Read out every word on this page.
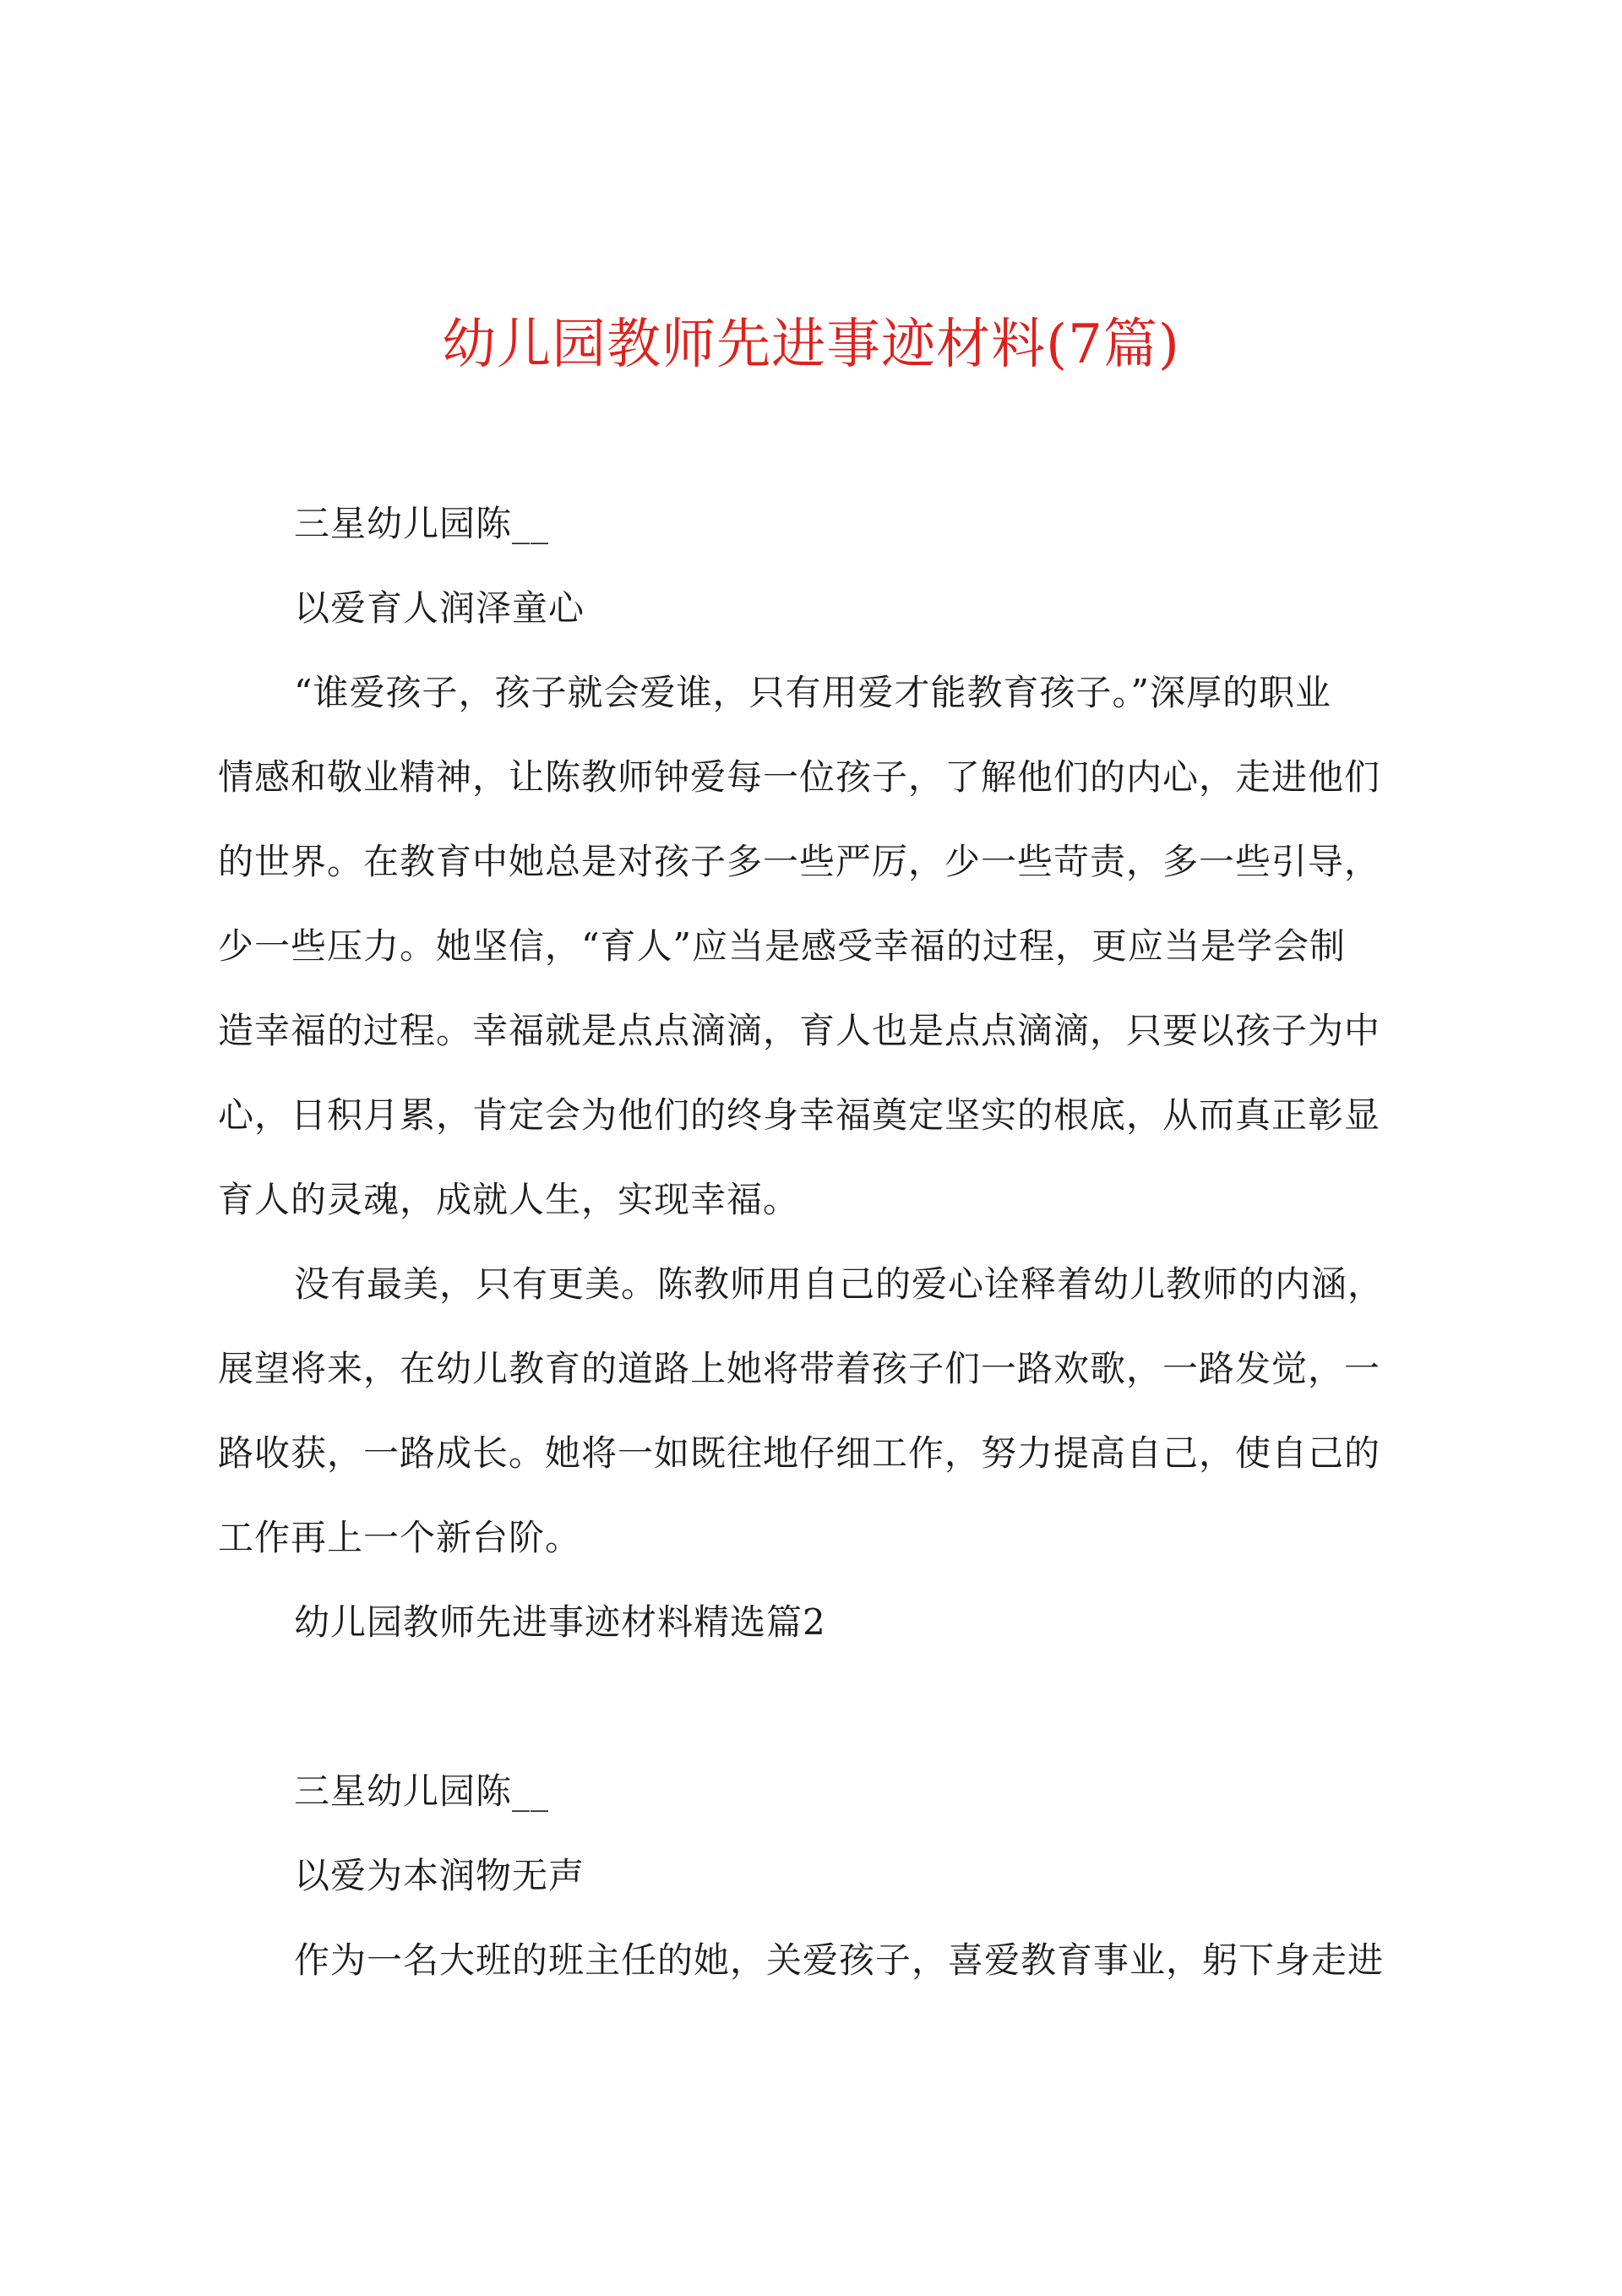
幼儿园教师先进事迹材料(7篇)
三星幼儿园陈__
以爱育人润泽童心
“谁爱孩子，孩子就会爱谁，只有用爱才能教育孩子。”深厚的职业
情感和敬业精神，让陈教师钟爱每一位孩子，了解他们的内心，走进他们
的世界。在教育中她总是对孩子多一些严厉，少一些苛责，多一些引导，
少一些压力。她坚信，“育人”应当是感受幸福的过程，更应当是学会制
造幸福的过程。幸福就是点点滴滴，育人也是点点滴滴，只要以孩子为中
心，日积月累，肯定会为他们的终身幸福奠定坚实的根底，从而真正彰显
育人的灵魂，成就人生，实现幸福。
没有最美，只有更美。陈教师用自己的爱心诠释着幼儿教师的内涵，
展望将来，在幼儿教育的道路上她将带着孩子们一路欢歌，一路发觉，一
路收获，一路成长。她将一如既往地仔细工作，努力提高自己，使自己的
工作再上一个新台阶。
幼儿园教师先进事迹材料精选篇2
三星幼儿园陈__
以爱为本润物无声
作为一名大班的班主任的她，关爱孩子，喜爱教育事业，躬下身走进
